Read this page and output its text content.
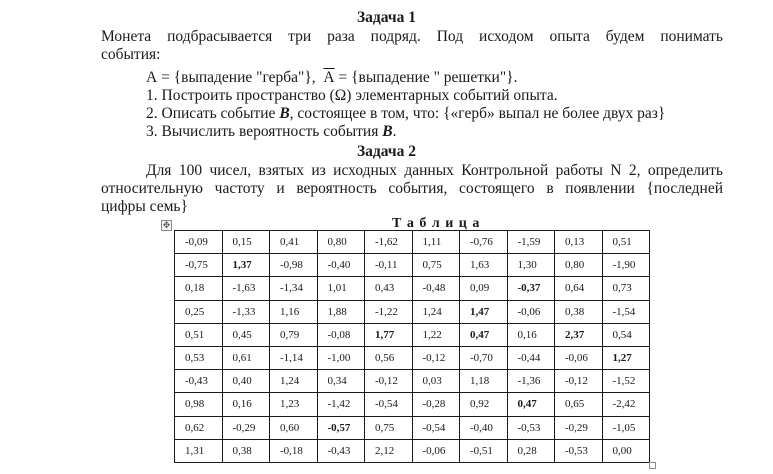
Задача 1
Монета подбрасывается три раза подряд. Под исходом опыта будем понимать
события:
А = {выпадение "герба"}, А = {выпадение " решетки"}.
1. Построить пространство (Ω) элементарных событий опыта.
2. Описать событие В, состоящее в том, что: {«герб» выпал не более двух раз}
3. Вычислить вероятность события В.
Задача 2
Для 100 чисел, взятых из исходных данных Контрольной работы N 2, определить
относительную частоту и вероятность события, состоящего в появлении {последней
цифры семь}
Т а б л и ц а
✥
-0,09	0,15	0,41	0,80	-1,62	1,11	-0,76	-1,59	0,13	0,51
-0,75	1,37	-0,98	-0,40	-0,11	0,75	1,63	1,30	0,80	-1,90
0,18	-1,63	-1,34	1,01	0,43	-0,48	0,09	-0,37	0,64	0,73
0,25	-1,33	1,16	1,88	-1,22	1,24	1,47	-0,06	0,38	-1,54
0,51	0,45	0,79	-0,08	1,77	1,22	0,47	0,16	2,37	0,54
0,53	0,61	-1,14	-1,00	0,56	-0,12	-0,70	-0,44	-0,06	1,27
-0,43	0,40	1,24	0,34	-0,12	0,03	1,18	-1,36	-0,12	-1,52
0,98	0,16	1,23	-1,42	-0,54	-0,28	0,92	0,47	0,65	-2,42
0,62	-0,29	0,60	-0,57	0,75	-0,54	-0,40	-0,53	-0,29	-1,05
1,31	0,38	-0,18	-0,43	2,12	-0,06	-0,51	0,28	-0,53	0,00
